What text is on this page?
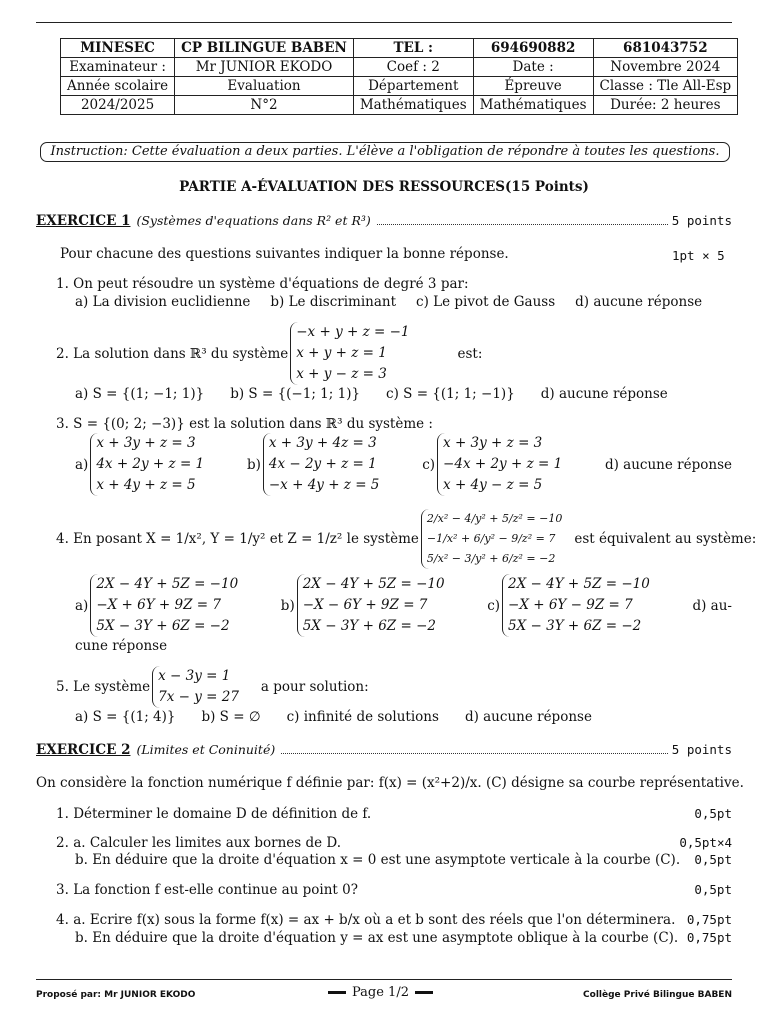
MINESEC	CP BILINGUE BABEN	TEL :	694690882	681043752
Examinateur :	Mr JUNIOR EKODO	Coef : 2	Date :	Novembre 2024
Année scolaire	Evaluation	Département	Épreuve	Classe : Tle All-Esp
2024/2025	N°2	Mathématiques	Mathématiques	Durée: 2 heures
Instruction: Cette évaluation a deux parties. L'élève a l'obligation de répondre à toutes les questions.
PARTIE A-ÉVALUATION DES RESSOURCES(15 Points)
EXERCICE 1 (Systèmes d'equations dans R² et R³)	5 points
Pour chacune des questions suivantes indiquer la bonne réponse.	1pt × 5
1. On peut résoudre un système d'équations de degré 3 par:
a) La division euclidienne b) Le discriminant c) Le pivot de Gauss d) aucune réponse
2. La solution dans ℝ³ du système
−x + y + z = −1
x + y + z = 1
x + y − z = 3
est:
a) S = {(1; −1; 1)} b) S = {(−1; 1; 1)} c) S = {(1; 1; −1)} d) aucune réponse
3. S = {(0; 2; −3)} est la solution dans ℝ³ du système :
a)
x + 3y + z = 3
4x + 2y + z = 1
x + 4y + z = 5
b)
x + 3y + 4z = 3
4x − 2y + z = 1
−x + 4y + z = 5
c)
x + 3y + z = 3
−4x + 2y + z = 1
x + 4y − z = 5
d) aucune réponse
4. En posant X = 1/x², Y = 1/y² et Z = 1/z² le système
2/x² − 4/y² + 5/z² = −10
−1/x² + 6/y² − 9/z² = 7
5/x² − 3/y² + 6/z² = −2
est équivalent au système:
a)
2X − 4Y + 5Z = −10
−X + 6Y + 9Z = 7
5X − 3Y + 6Z = −2
b)
2X − 4Y + 5Z = −10
−X − 6Y + 9Z = 7
5X − 3Y + 6Z = −2
c)
2X − 4Y + 5Z = −10
−X + 6Y − 9Z = 7
5X − 3Y + 6Z = −2
d) au-
cune réponse
5. Le système
x − 3y = 1
7x − y = 27
a pour solution:
a) S = {(1; 4)} b) S = ∅ c) infinité de solutions d) aucune réponse
EXERCICE 2 (Limites et Coninuité)	5 points
On considère la fonction numérique f définie par: f(x) = (x²+2)/x. (C) désigne sa courbe représentative.
1. Déterminer le domaine D de définition de f.	0,5pt
2. a. Calculer les limites aux bornes de D.	0,5pt×4
b. En déduire que la droite d'équation x = 0 est une asymptote verticale à la courbe (C). 0,5pt
3. La fonction f est-elle continue au point 0?	0,5pt
4. a. Ecrire f(x) sous la forme f(x) = ax + b/x où a et b sont des réels que l'on déterminera. 0,75pt
b. En déduire que la droite d'équation y = ax est une asymptote oblique à la courbe (C). 0,75pt
Proposé par: Mr JUNIOR EKODO	Page 1/2	Collège Privé Bilingue BABEN
